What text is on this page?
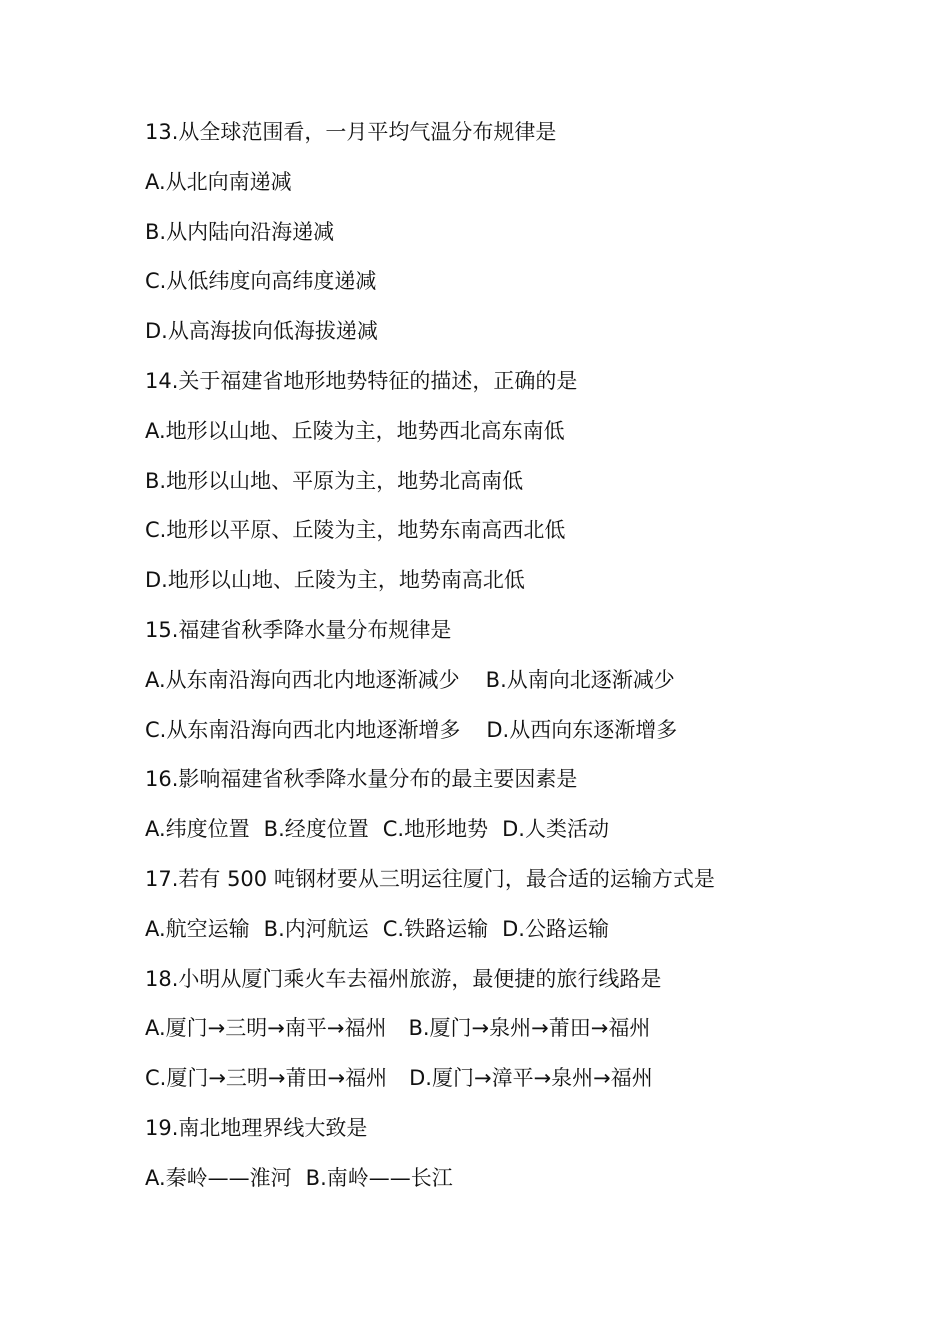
13.从全球范围看，一月平均气温分布规律是
A.从北向南递减
B.从内陆向沿海递减
C.从低纬度向高纬度递减
D.从高海拔向低海拔递减
14.关于福建省地形地势特征的描述，正确的是
A.地形以山地、丘陵为主，地势西北高东南低
B.地形以山地、平原为主，地势北高南低
C.地形以平原、丘陵为主，地势东南高西北低
D.地形以山地、丘陵为主，地势南高北低
15.福建省秋季降水量分布规律是
A.从东南沿海向西北内地逐渐减少 B.从南向北逐渐减少
C.从东南沿海向西北内地逐渐增多 D.从西向东逐渐增多
16.影响福建省秋季降水量分布的最主要因素是
A.纬度位置 B.经度位置 C.地形地势 D.人类活动
17.若有 500 吨钢材要从三明运往厦门，最合适的运输方式是
A.航空运输 B.内河航运 C.铁路运输 D.公路运输
18.小明从厦门乘火车去福州旅游，最便捷的旅行线路是
A.厦门→三明→南平→福州 B.厦门→泉州→莆田→福州
C.厦门→三明→莆田→福州 D.厦门→漳平→泉州→福州
19.南北地理界线大致是
A.秦岭——淮河 B.南岭——长江
